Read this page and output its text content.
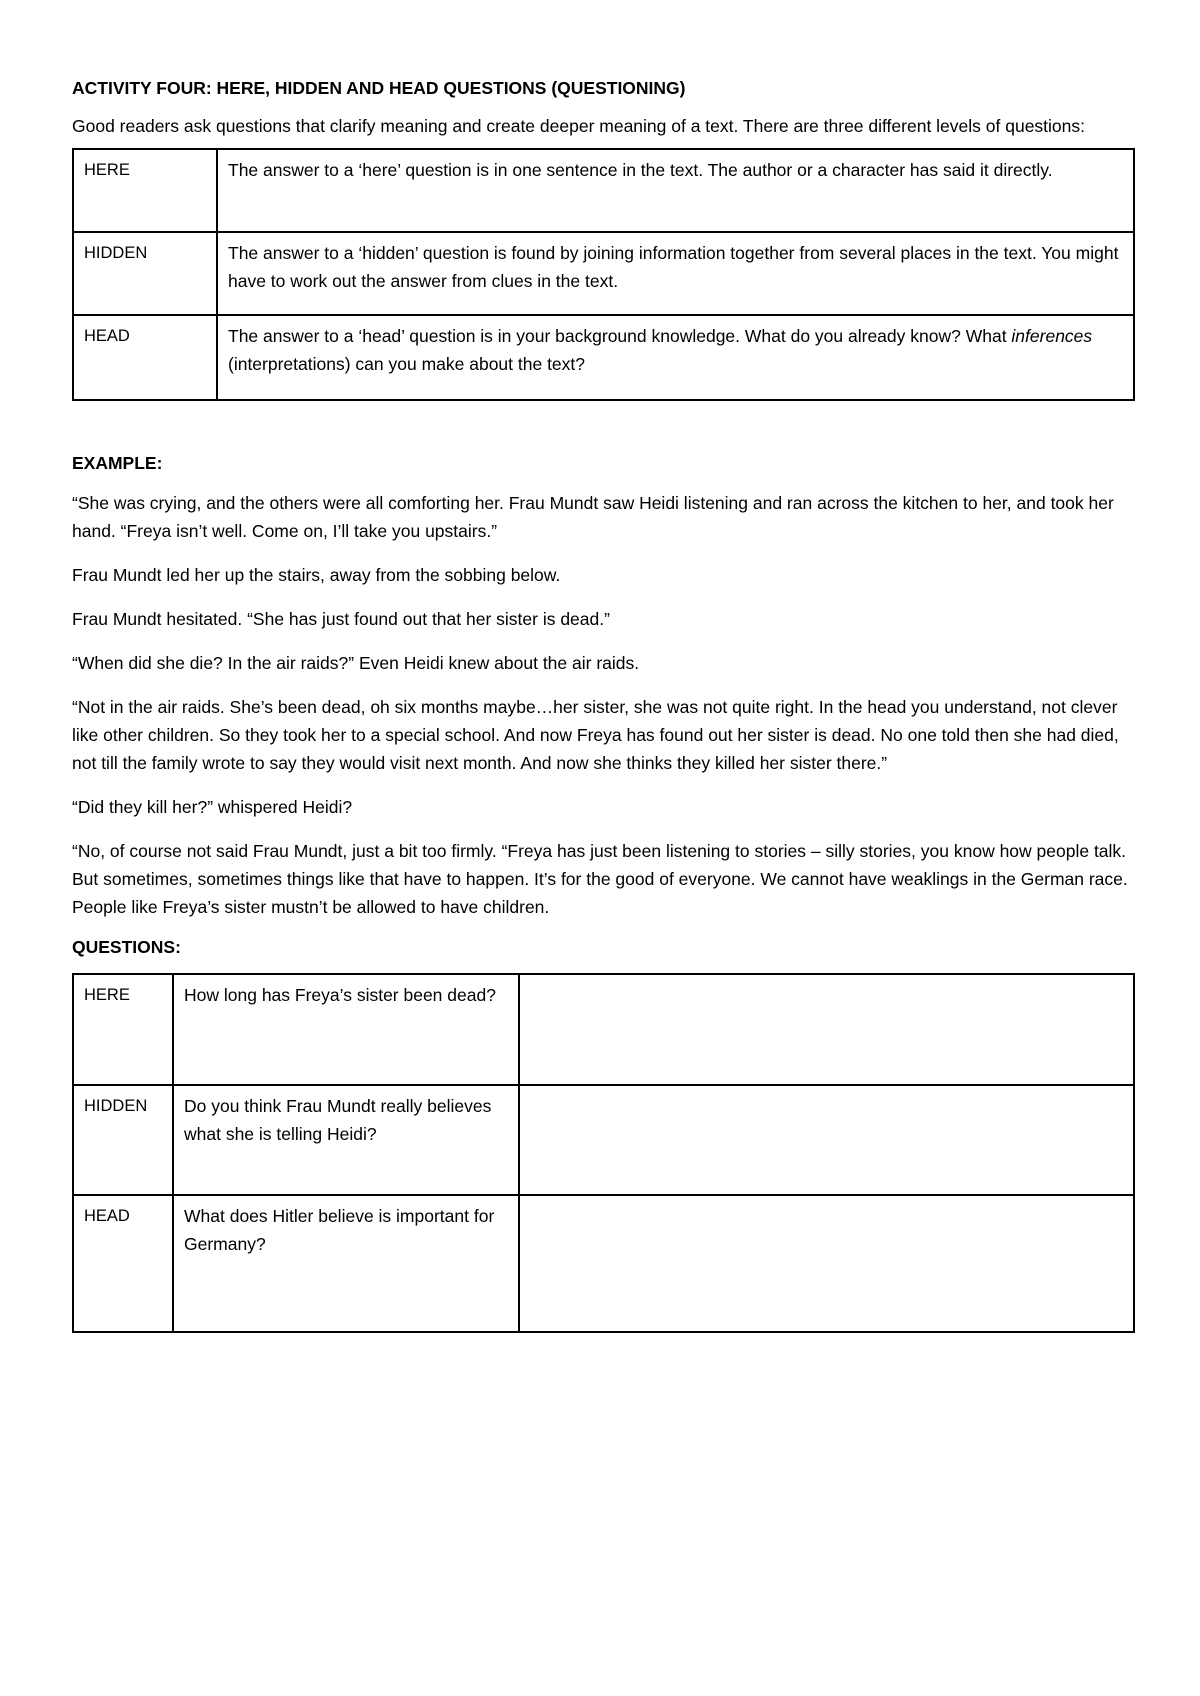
ACTIVITY FOUR: HERE, HIDDEN AND HEAD QUESTIONS (QUESTIONING)

Good readers ask questions that clarify meaning and create deeper meaning of a text. There are three different levels of questions:

HERE	The answer to a ‘here’ question is in one sentence in the text. The author or a character has said it directly.
HIDDEN	The answer to a ‘hidden’ question is found by joining information together from several places in the text. You might have to work out the answer from clues in the text.
HEAD	The answer to a ‘head’ question is in your background knowledge. What do you already know? What inferences (interpretations) can you make about the text?
EXAMPLE:

“She was crying, and the others were all comforting her. Frau Mundt saw Heidi listening and ran across the kitchen to her, and took her hand. “Freya isn’t well. Come on, I’ll take you upstairs.”

Frau Mundt led her up the stairs, away from the sobbing below.

Frau Mundt hesitated. “She has just found out that her sister is dead.”

“When did she die? In the air raids?” Even Heidi knew about the air raids.

“Not in the air raids. She’s been dead, oh six months maybe…her sister, she was not quite right. In the head you understand, not clever like other children. So they took her to a special school. And now Freya has found out her sister is dead. No one told then she had died, not till the family wrote to say they would visit next month. And now she thinks they killed her sister there.”

“Did they kill her?” whispered Heidi?

“No, of course not said Frau Mundt, just a bit too firmly. “Freya has just been listening to stories – silly stories, you know how people talk. But sometimes, sometimes things like that have to happen. It’s for the good of everyone. We cannot have weaklings in the German race. People like Freya’s sister mustn’t be allowed to have children.

QUESTIONS:
HERE	How long has Freya’s sister been dead?	
HIDDEN	Do you think Frau Mundt really believes what she is telling Heidi?	
HEAD	What does Hitler believe is important for Germany?	
